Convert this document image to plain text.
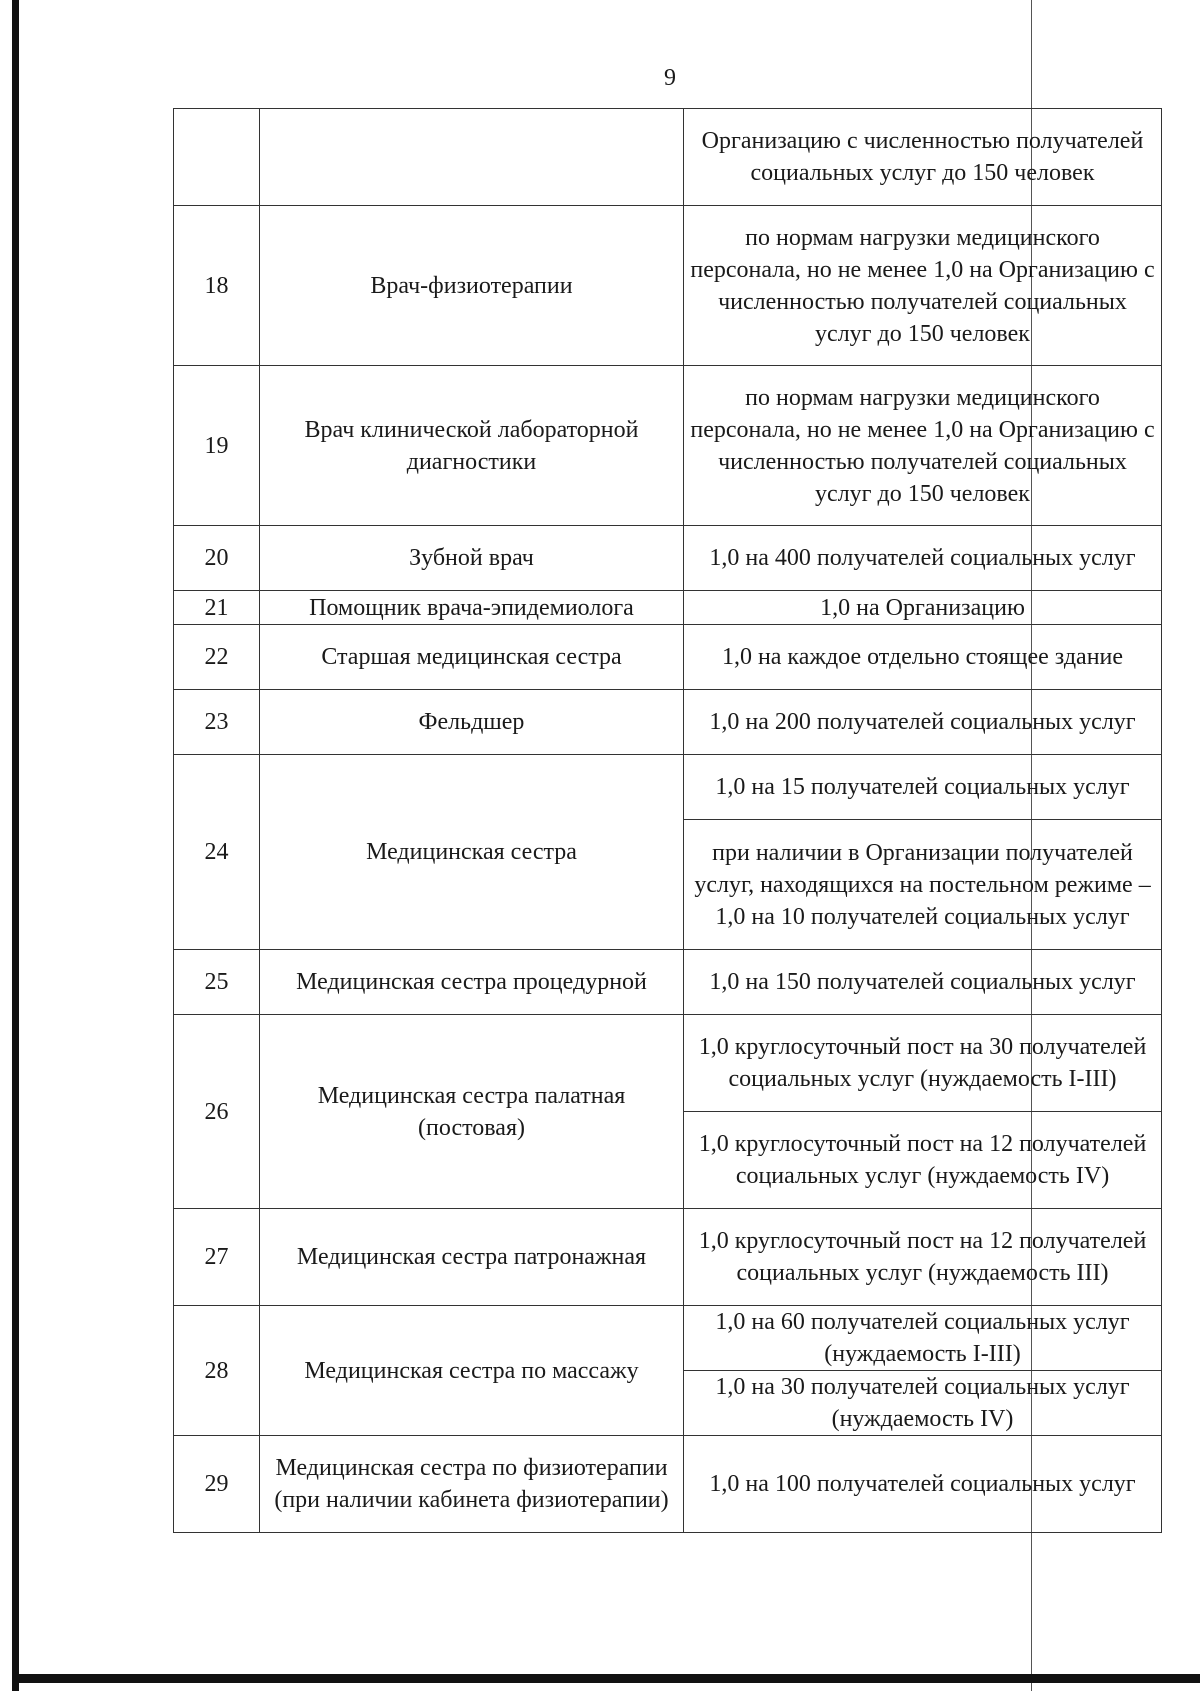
9
		Организацию с численностью получателей социальных услуг до 150 человек
18	Врач-физиотерапии	по нормам нагрузки медицинского персонала, но не менее 1,0 на Организацию с численностью получателей социальных услуг до 150 человек
19	Врач клинической лабораторной диагностики	по нормам нагрузки медицинского персонала, но не менее 1,0 на Организацию с численностью получателей социальных услуг до 150 человек
20	Зубной врач	1,0 на 400 получателей социальных услуг
21	Помощник врача-эпидемиолога	1,0 на Организацию
22	Старшая медицинская сестра	1,0 на каждое отдельно стоящее здание
23	Фельдшер	1,0 на 200 получателей социальных услуг
24	Медицинская сестра	1,0 на 15 получателей социальных услуг
		при наличии в Организации получателей услуг, находящихся на постельном режиме – 1,0 на 10 получателей социальных услуг
25	Медицинская сестра процедурной	1,0 на 150 получателей социальных услуг
26	Медицинская сестра палатная (постовая)	1,0 круглосуточный пост на 30 получателей социальных услуг (нуждаемость I-III)
		1,0 круглосуточный пост на 12 получателей социальных услуг (нуждаемость IV)
27	Медицинская сестра патронажная	1,0 круглосуточный пост на 12 получателей социальных услуг (нуждаемость III)
28	Медицинская сестра по массажу	1,0 на 60 получателей социальных услуг (нуждаемость I-III)
		1,0 на 30 получателей социальных услуг (нуждаемость IV)
29	Медицинская сестра по физиотерапии (при наличии кабинета физиотерапии)	1,0 на 100 получателей социальных услуг
